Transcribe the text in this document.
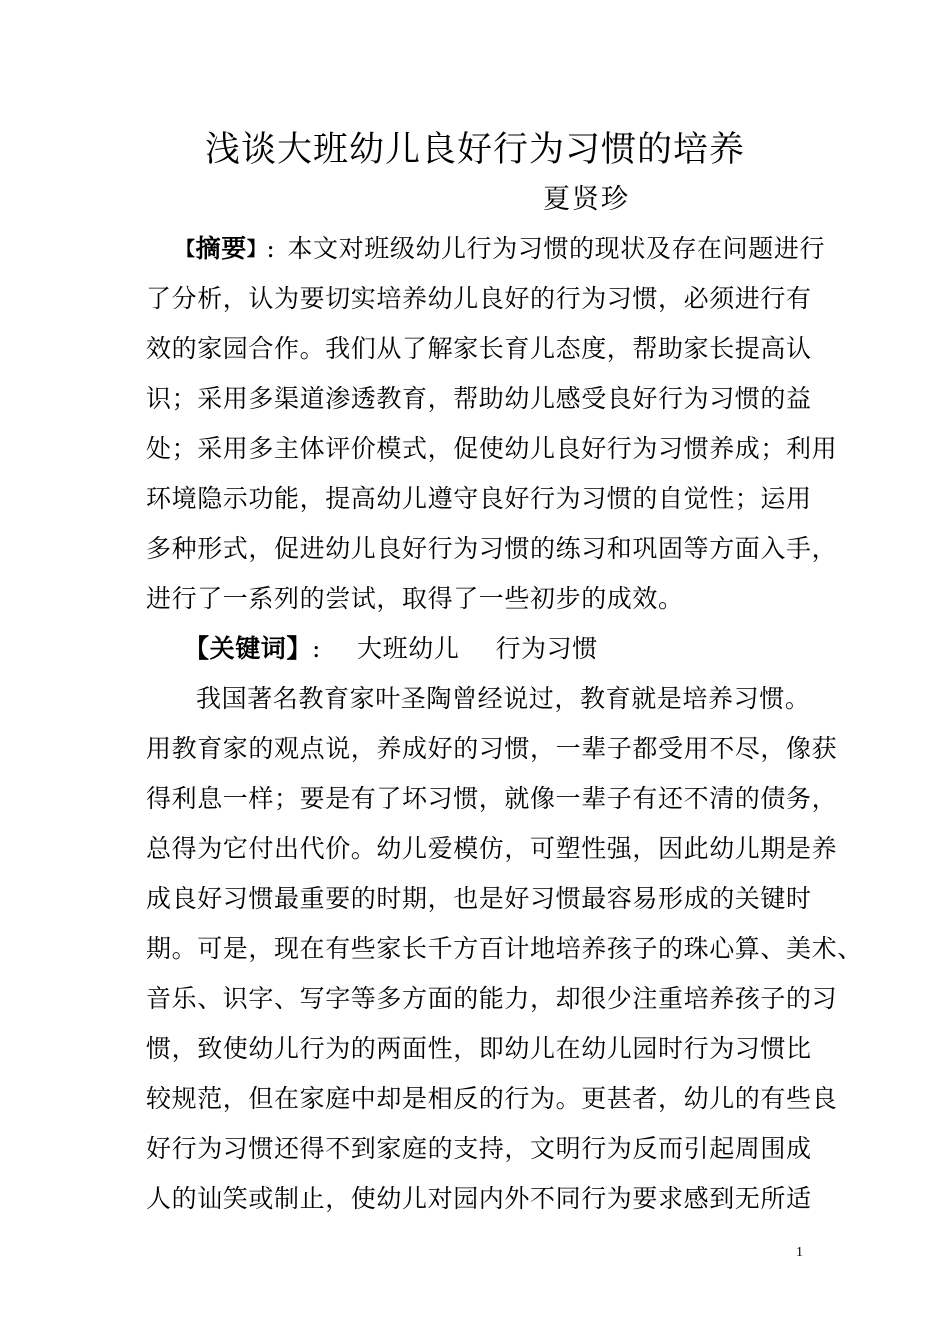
浅谈大班幼儿良好行为习惯的培养
夏贤珍
【摘要】: 本文对班级幼儿行为习惯的现状及存在问题进行
了分析，认为要切实培养幼儿良好的行为习惯，必须进行有
效的家园合作。我们从了解家长育儿态度，帮助家长提高认
识；采用多渠道渗透教育，帮助幼儿感受良好行为习惯的益
处；采用多主体评价模式，促使幼儿良好行为习惯养成；利用
环境隐示功能，提高幼儿遵守良好行为习惯的自觉性；运用
多种形式，促进幼儿良好行为习惯的练习和巩固等方面入手，
进行了一系列的尝试，取得了一些初步的成效。
【关键词】: 大班幼儿 行为习惯
我国著名教育家叶圣陶曾经说过，教育就是培养习惯。
用教育家的观点说，养成好的习惯，一辈子都受用不尽，像获
得利息一样；要是有了坏习惯，就像一辈子有还不清的债务，
总得为它付出代价。幼儿爱模仿，可塑性强，因此幼儿期是养
成良好习惯最重要的时期，也是好习惯最容易形成的关键时
期。可是，现在有些家长千方百计地培养孩子的珠心算、美术、
音乐、识字、写字等多方面的能力，却很少注重培养孩子的习
惯，致使幼儿行为的两面性，即幼儿在幼儿园时行为习惯比
较规范，但在家庭中却是相反的行为。更甚者，幼儿的有些良
好行为习惯还得不到家庭的支持，文明行为反而引起周围成
人的讪笑或制止，使幼儿对园内外不同行为要求感到无所适
1
